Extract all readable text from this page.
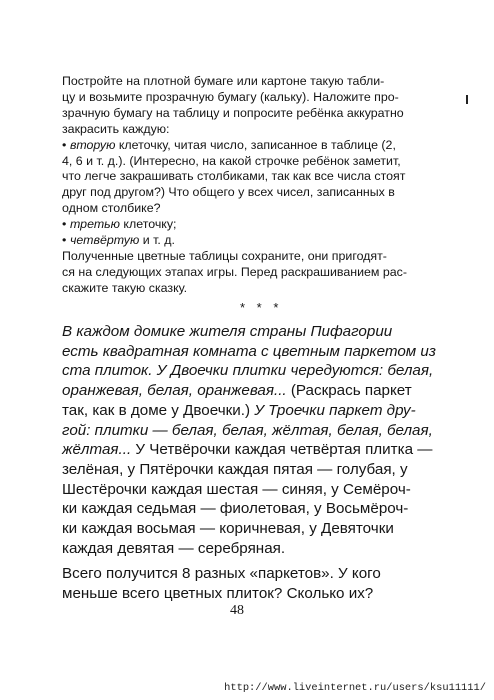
Постройте на плотной бумаге или картоне такую табли-
цу и возьмите прозрачную бумагу (кальку). Наложите про-
зрачную бумагу на таблицу и попросите ребёнка аккуратно
закрасить каждую:
• вторую клеточку, читая число, записанное в таблице (2,
4, 6 и т. д.). (Интересно, на какой строчке ребёнок заметит,
что легче закрашивать столбиками, так как все числа стоят
друг под другом?) Что общего у всех чисел, записанных в
одном столбике?
• третью клеточку;
• четвёртую и т. д.
Полученные цветные таблицы сохраните, они пригодят-
ся на следующих этапах игры. Перед раскрашиванием рас-
скажите такую сказку.
* * *
В каждом домике жителя страны Пифагории
есть квадратная комната с цветным паркетом из
ста плиток. У Двоечки плитки чередуются: белая,
оранжевая, белая, оранжевая... (Раскрась паркет
так, как в доме у Двоечки.) У Троечки паркет дру-
гой: плитки — белая, белая, жёлтая, белая, белая,
жёлтая... У Четвёрочки каждая четвёртая плитка —
зелёная, у Пятёрочки каждая пятая — голубая, у
Шестёрочки каждая шестая — синяя, у Семёроч-
ки каждая седьмая — фиолетовая, у Восьмёроч-
ки каждая восьмая — коричневая, у Девяточки
каждая девятая — серебряная.
Всего получится 8 разных «паркетов». У кого
меньше всего цветных плиток? Сколько их?
48
http://www.liveinternet.ru/users/ksu11111/
